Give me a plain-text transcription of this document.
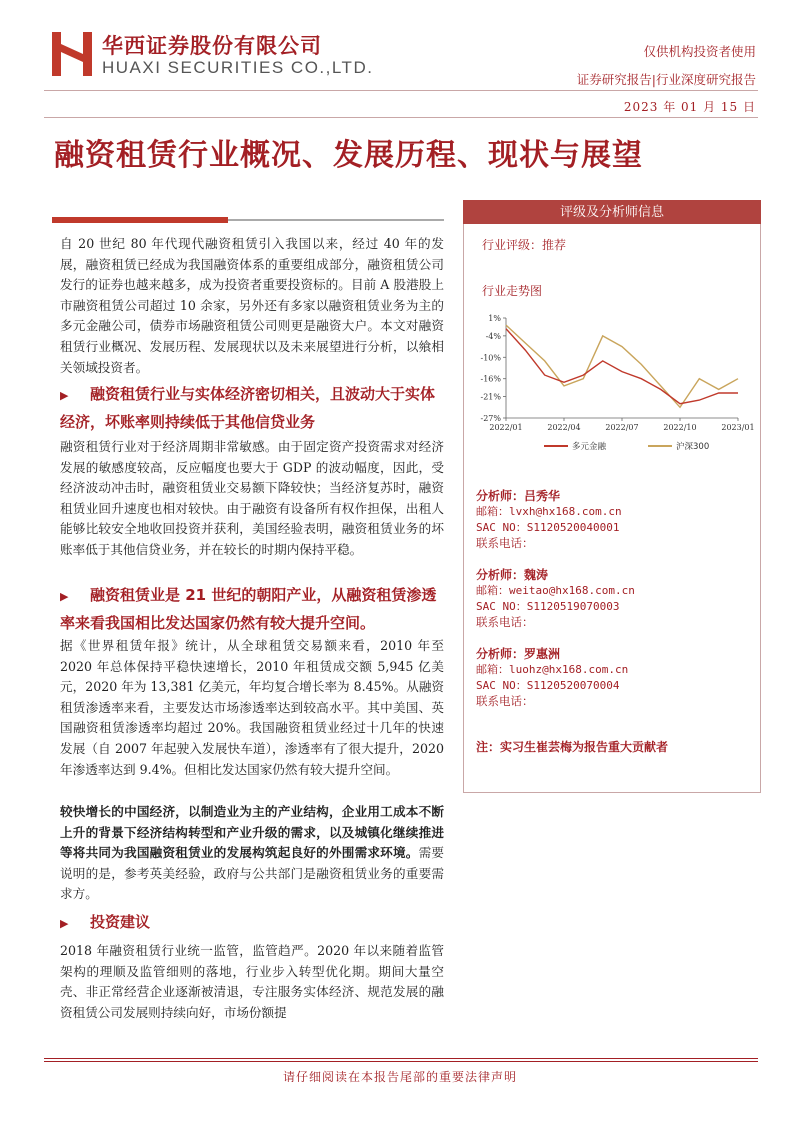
华西证券股份有限公司
HUAXI SECURITIES CO.,LTD.
仅供机构投资者使用
证券研究报告|行业深度研究报告
2023 年 01 月 15 日
融资租赁行业概况、发展历程、现状与展望
自 20 世纪 80 年代现代融资租赁引入我国以来，经过 40 年的发展，融资租赁已经成为我国融资体系的重要组成部分，融资租赁公司发行的证券也越来越多，成为投资者重要投资标的。目前 A 股港股上市融资租赁公司超过 10 余家，另外还有多家以融资租赁业务为主的多元金融公司，债券市场融资租赁公司则更是融资大户。本文对融资租赁行业概况、发展历程、发展现状以及未来展望进行分析，以飨相关领域投资者。
▶ 融资租赁行业与实体经济密切相关，且波动大于实体经济，坏账率则持续低于其他信贷业务
融资租赁行业对于经济周期非常敏感。由于固定资产投资需求对经济发展的敏感度较高，反应幅度也要大于 GDP 的波动幅度，因此，受经济波动冲击时，融资租赁业交易额下降较快；当经济复苏时，融资租赁业回升速度也相对较快。由于融资有设备所有权作担保，出租人能够比较安全地收回投资并获利，美国经验表明，融资租赁业务的坏账率低于其他信贷业务，并在较长的时期内保持平稳。
▶ 融资租赁业是 21 世纪的朝阳产业，从融资租赁渗透率来看我国相比发达国家仍然有较大提升空间。
据《世界租赁年报》统计，从全球租赁交易额来看，2010 年至 2020 年总体保持平稳快速增长，2010 年租赁成交额 5,945 亿美元，2020 年为 13,381 亿美元，年均复合增长率为 8.45%。从融资租赁渗透率来看，主要发达市场渗透率达到较高水平。其中美国、英国融资租赁渗透率均超过 20%。我国融资租赁业经过十几年的快速发展（自 2007 年起驶入发展快车道），渗透率有了很大提升，2020 年渗透率达到 9.4%。但相比发达国家仍然有较大提升空间。
较快增长的中国经济，以制造业为主的产业结构，企业用工成本不断上升的背景下经济结构转型和产业升级的需求，以及城镇化继续推进等将共同为我国融资租赁业的发展构筑起良好的外围需求环境。需要说明的是，参考英美经验，政府与公共部门是融资租赁业务的重要需求方。
▶ 投资建议
2018 年融资租赁行业统一监管，监管趋严。2020 年以来随着监管架构的理顺及监管细则的落地，行业步入转型优化期。期间大量空壳、非正常经营企业逐渐被清退，专注服务实体经济、规范发展的融资租赁公司发展则持续向好，市场份额提
评级及分析师信息
行业评级：推荐
行业走势图
1%
-4%
-10%
-16%
-21%
-27%
2022/01	2022/04	2022/07	2022/10	2023/01
多元金融	沪深300
分析师：吕秀华
邮箱：lvxh@hx168.com.cn
SAC NO：S1120520040001
联系电话：
分析师：魏涛
邮箱：weitao@hx168.com.cn
SAC NO：S1120519070003
联系电话：
分析师：罗惠洲
邮箱：luohz@hx168.com.cn
SAC NO：S1120520070004
联系电话：
注：实习生崔芸梅为报告重大贡献者
请仔细阅读在本报告尾部的重要法律声明
